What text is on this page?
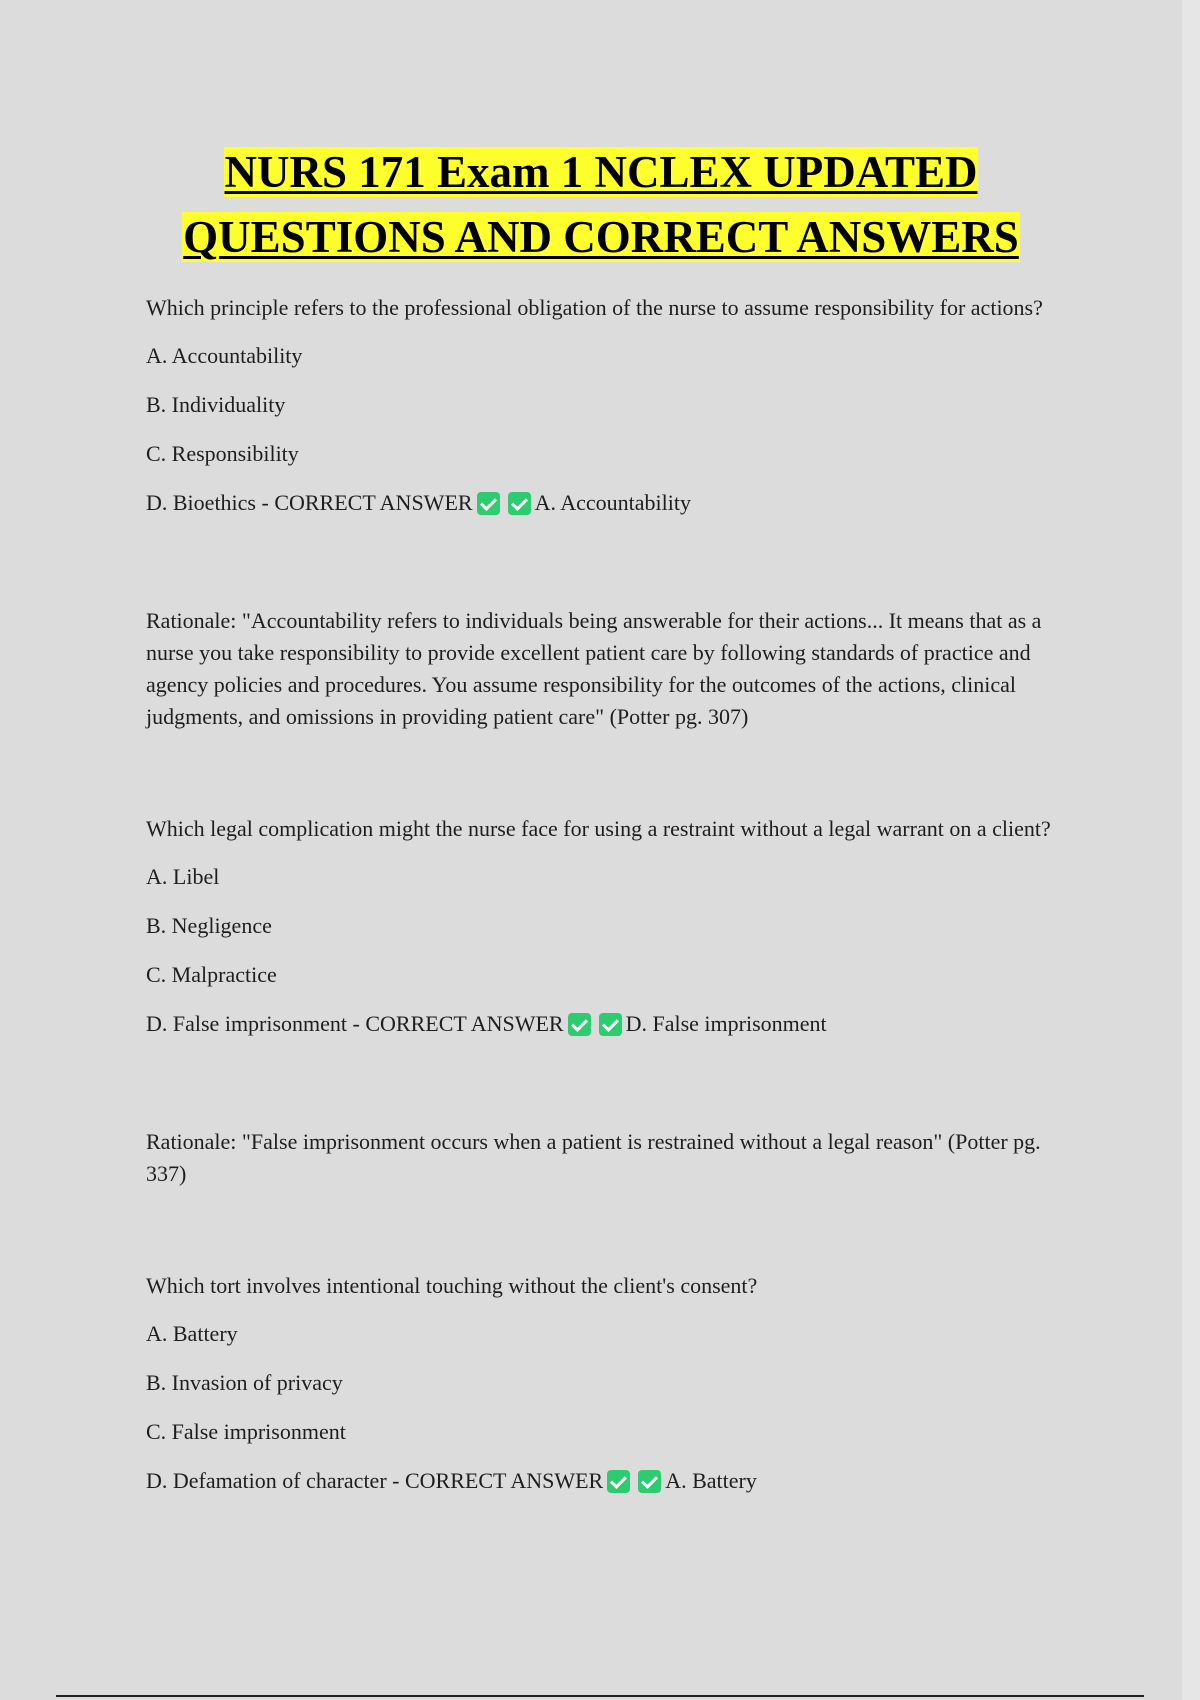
NURS 171 Exam 1 NCLEX UPDATED
QUESTIONS AND CORRECT ANSWERS

Which principle refers to the professional obligation of the nurse to assume responsibility for actions?

A. Accountability

B. Individuality

C. Responsibility

D. Bioethics - CORRECT ANSWER	A. Accountability

Rationale: "Accountability refers to individuals being answerable for their actions... It means that as a nurse you take responsibility to provide excellent patient care by following standards of practice and agency policies and procedures. You assume responsibility for the outcomes of the actions, clinical judgments, and omissions in providing patient care" (Potter pg. 307)

Which legal complication might the nurse face for using a restraint without a legal warrant on a client?

A. Libel

B. Negligence

C. Malpractice

D. False imprisonment - CORRECT ANSWER	D. False imprisonment

Rationale: "False imprisonment occurs when a patient is restrained without a legal reason" (Potter pg. 337)

Which tort involves intentional touching without the client's consent?

A. Battery

B. Invasion of privacy

C. False imprisonment

D. Defamation of character - CORRECT ANSWER	A. Battery
